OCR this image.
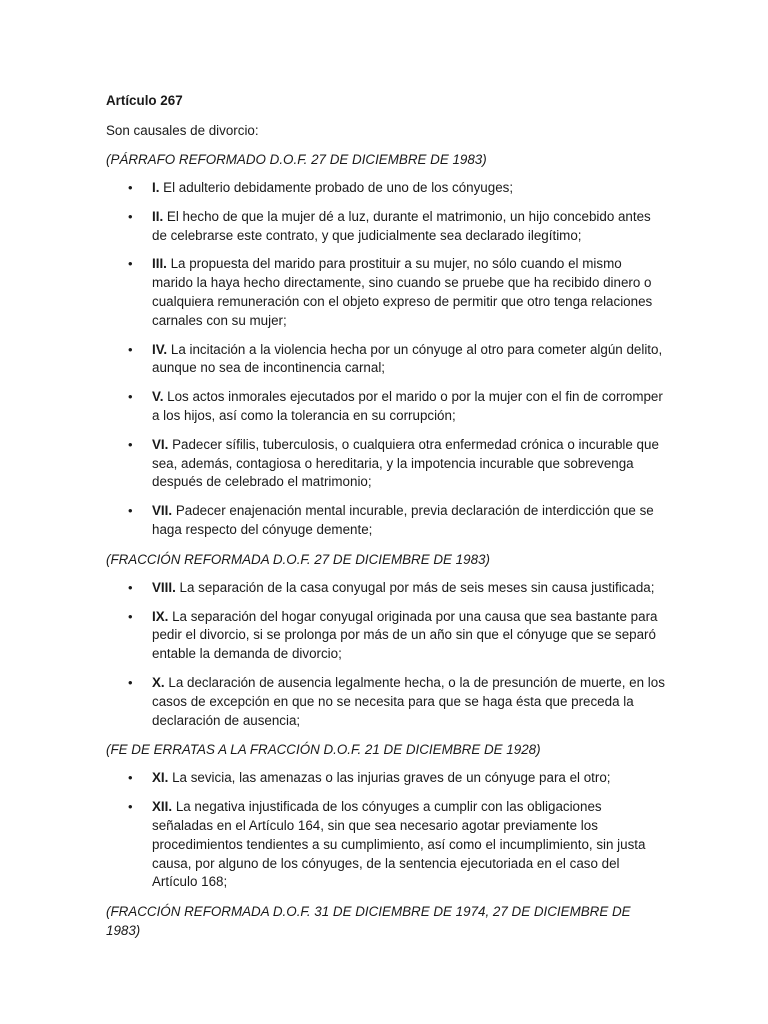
Artículo 267

Son causales de divorcio:

(PÁRRAFO REFORMADO D.O.F. 27 DE DICIEMBRE DE 1983)

• I. El adulterio debidamente probado de uno de los cónyuges;
• II. El hecho de que la mujer dé a luz, durante el matrimonio, un hijo concebido antes de celebrarse este contrato, y que judicialmente sea declarado ilegítimo;
• III. La propuesta del marido para prostituir a su mujer, no sólo cuando el mismo marido la haya hecho directamente, sino cuando se pruebe que ha recibido dinero o cualquiera remuneración con el objeto expreso de permitir que otro tenga relaciones carnales con su mujer;
• IV. La incitación a la violencia hecha por un cónyuge al otro para cometer algún delito, aunque no sea de incontinencia carnal;
• V. Los actos inmorales ejecutados por el marido o por la mujer con el fin de corromper a los hijos, así como la tolerancia en su corrupción;
• VI. Padecer sífilis, tuberculosis, o cualquiera otra enfermedad crónica o incurable que sea, además, contagiosa o hereditaria, y la impotencia incurable que sobrevenga después de celebrado el matrimonio;
• VII. Padecer enajenación mental incurable, previa declaración de interdicción que se haga respecto del cónyuge demente;

(FRACCIÓN REFORMADA D.O.F. 27 DE DICIEMBRE DE 1983)

• VIII. La separación de la casa conyugal por más de seis meses sin causa justificada;
• IX. La separación del hogar conyugal originada por una causa que sea bastante para pedir el divorcio, si se prolonga por más de un año sin que el cónyuge que se separó entable la demanda de divorcio;
• X. La declaración de ausencia legalmente hecha, o la de presunción de muerte, en los casos de excepción en que no se necesita para que se haga ésta que preceda la declaración de ausencia;

(FE DE ERRATAS A LA FRACCIÓN D.O.F. 21 DE DICIEMBRE DE 1928)

• XI. La sevicia, las amenazas o las injurias graves de un cónyuge para el otro;
• XII. La negativa injustificada de los cónyuges a cumplir con las obligaciones señaladas en el Artículo 164, sin que sea necesario agotar previamente los procedimientos tendientes a su cumplimiento, así como el incumplimiento, sin justa causa, por alguno de los cónyuges, de la sentencia ejecutoriada en el caso del Artículo 168;

(FRACCIÓN REFORMADA D.O.F. 31 DE DICIEMBRE DE 1974, 27 DE DICIEMBRE DE 1983)
